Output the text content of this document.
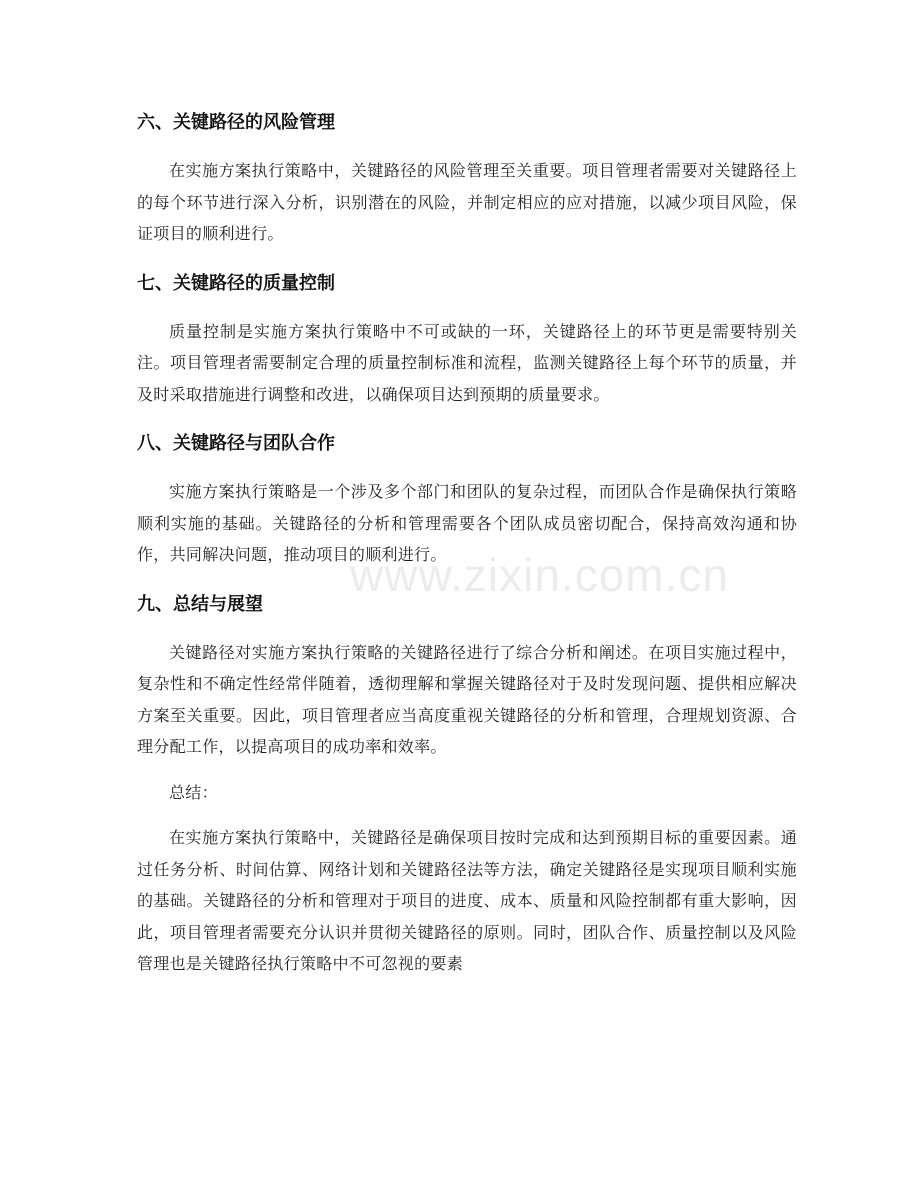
www.zixin.com.cn
六、关键路径的风险管理

在实施方案执行策略中，关键路径的风险管理至关重要。项目管理者需要对关键路径上的每个环节进行深入分析，识别潜在的风险，并制定相应的应对措施，以减少项目风险，保证项目的顺利进行。

七、关键路径的质量控制

质量控制是实施方案执行策略中不可或缺的一环，关键路径上的环节更是需要特别关注。项目管理者需要制定合理的质量控制标准和流程，监测关键路径上每个环节的质量，并及时采取措施进行调整和改进，以确保项目达到预期的质量要求。

八、关键路径与团队合作

实施方案执行策略是一个涉及多个部门和团队的复杂过程，而团队合作是确保执行策略顺利实施的基础。关键路径的分析和管理需要各个团队成员密切配合，保持高效沟通和协作，共同解决问题，推动项目的顺利进行。

九、总结与展望

关键路径对实施方案执行策略的关键路径进行了综合分析和阐述。在项目实施过程中，复杂性和不确定性经常伴随着，透彻理解和掌握关键路径对于及时发现问题、提供相应解决方案至关重要。因此，项目管理者应当高度重视关键路径的分析和管理，合理规划资源、合理分配工作，以提高项目的成功率和效率。

总结：

在实施方案执行策略中，关键路径是确保项目按时完成和达到预期目标的重要因素。通过任务分析、时间估算、网络计划和关键路径法等方法，确定关键路径是实现项目顺利实施的基础。关键路径的分析和管理对于项目的进度、成本、质量和风险控制都有重大影响，因此，项目管理者需要充分认识并贯彻关键路径的原则。同时，团队合作、质量控制以及风险管理也是关键路径执行策略中不可忽视的要素
